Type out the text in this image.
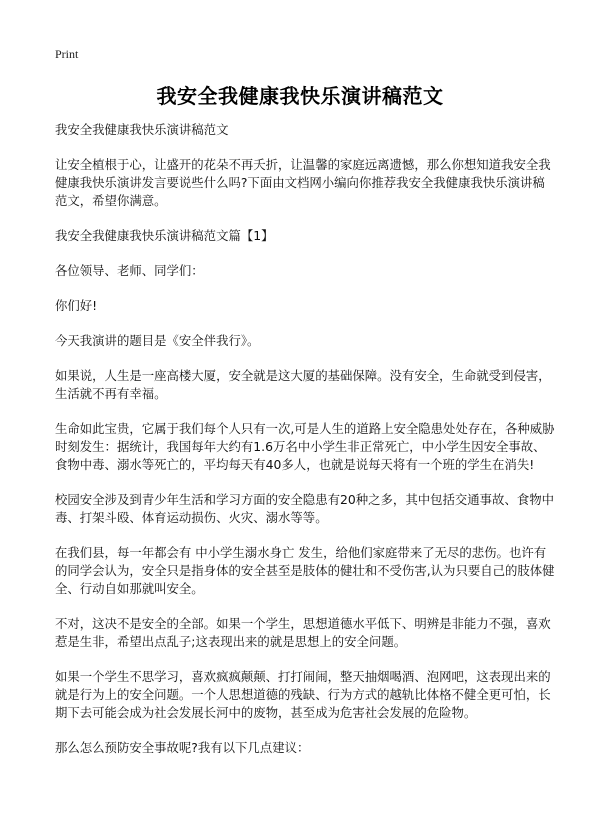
Print
我安全我健康我快乐演讲稿范文

我安全我健康我快乐演讲稿范文

让安全植根于心，让盛开的花朵不再夭折，让温馨的家庭远离遗憾，那么你想知道我安全我健康我快乐演讲发言要说些什么吗?下面由文档网小编向你推荐我安全我健康我快乐演讲稿范文，希望你满意。

我安全我健康我快乐演讲稿范文篇【1】

各位领导、老师、同学们：

你们好!

今天我演讲的题目是《安全伴我行》。

如果说，人生是一座高楼大厦，安全就是这大厦的基础保障。没有安全，生命就受到侵害，生活就不再有幸福。

生命如此宝贵，它属于我们每个人只有一次,可是人生的道路上安全隐患处处存在，各种威胁时刻发生：据统计，我国每年大约有1.6万名中小学生非正常死亡，中小学生因安全事故、食物中毒、溺水等死亡的，平均每天有40多人，也就是说每天将有一个班的学生在消失!

校园安全涉及到青少年生活和学习方面的安全隐患有20种之多，其中包括交通事故、食物中毒、打架斗殴、体育运动损伤、火灾、溺水等等。

在我们县，每一年都会有 中小学生溺水身亡 发生，给他们家庭带来了无尽的悲伤。也许有的同学会认为，安全只是指身体的安全甚至是肢体的健壮和不受伤害,认为只要自己的肢体健全、行动自如那就叫安全。

不对，这决不是安全的全部。如果一个学生，思想道德水平低下、明辨是非能力不强，喜欢惹是生非，希望出点乱子;这表现出来的就是思想上的安全问题。

如果一个学生不思学习，喜欢疯疯颠颠、打打闹闹，整天抽烟喝酒、泡网吧，这表现出来的就是行为上的安全问题。一个人思想道德的残缺、行为方式的越轨比体格不健全更可怕，长期下去可能会成为社会发展长河中的废物，甚至成为危害社会发展的危险物。

那么怎么预防安全事故呢?我有以下几点建议：
